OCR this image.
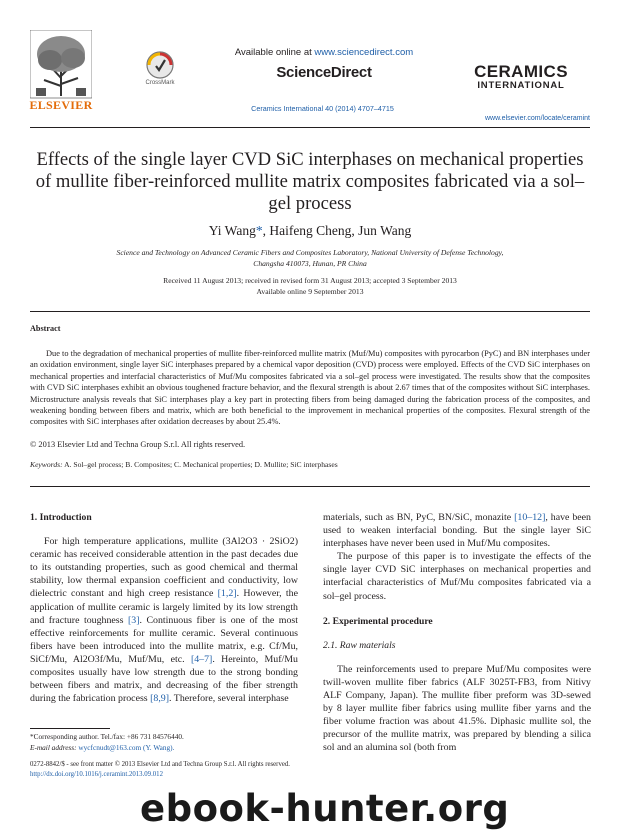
ELSEVIER
CrossMark
Available online at www.sciencedirect.com
ScienceDirect
Ceramics International 40 (2014) 4707–4715
CERAMICS
INTERNATIONAL
www.elsevier.com/locate/ceramint
Effects of the single layer CVD SiC interphases on mechanical properties of mullite fiber-reinforced mullite matrix composites fabricated via a sol–gel process
Yi Wang*, Haifeng Cheng, Jun Wang
Science and Technology on Advanced Ceramic Fibers and Composites Laboratory, National University of Defense Technology,
Changsha 410073, Hunan, PR China
Received 11 August 2013; received in revised form 31 August 2013; accepted 3 September 2013
Available online 9 September 2013
Abstract
Due to the degradation of mechanical properties of mullite fiber-reinforced mullite matrix (Muf/Mu) composites with pyrocarbon (PyC) and BN interphases under an oxidation environment, single layer SiC interphases prepared by a chemical vapor deposition (CVD) process were employed. Effects of the CVD SiC interphases on mechanical properties and interfacial characteristics of Muf/Mu composites fabricated via a sol–gel process were investigated. The results show that the composites with CVD SiC interphases exhibit an obvious toughened fracture behavior, and the flexural strength is about 2.67 times that of the composites without SiC interphases. Microstructure analysis reveals that SiC interphases play a key part in protecting fibers from being damaged during the fabrication process of the composites, and weakening bonding between fibers and matrix, which are both beneficial to the improvement in mechanical properties of the composites. Flexural strength of the composites with SiC interphases after oxidation decreases by about 25.4%.
© 2013 Elsevier Ltd and Techna Group S.r.l. All rights reserved.
Keywords: A. Sol–gel process; B. Composites; C. Mechanical properties; D. Mullite; SiC interphases
1. Introduction

For high temperature applications, mullite (3Al2O3 · 2SiO2) ceramic has received considerable attention in the past decades due to its outstanding properties, such as good chemical and thermal stability, low thermal expansion coefficient and conductivity, low dielectric constant and high creep resistance [1,2]. However, the application of mullite ceramic is largely limited by its low strength and fracture toughness [3]. Continuous fiber is one of the most effective reinforcements for mullite ceramic. Several continuous fibers have been introduced into the mullite matrix, e.g. Cf/Mu, SiCf/Mu, Al2O3f/Mu, Muf/Mu, etc. [4–7]. Hereinto, Muf/Mu composites usually have low strength due to the strong bonding between fibers and matrix, and decreasing of the fiber strength during the fabrication process [8,9]. Therefore, several interphase

materials, such as BN, PyC, BN/SiC, monazite [10–12], have been used to weaken interfacial bonding. But the single layer SiC interphases have never been used in Muf/Mu composites.

The purpose of this paper is to investigate the effects of the single layer CVD SiC interphases on mechanical properties and interfacial characteristics of Muf/Mu composites fabricated via a sol–gel process.

2. Experimental procedure
2.1. Raw materials

The reinforcements used to prepare Muf/Mu composites were twill-woven mullite fiber fabrics (ALF 3025T-FB3, from Nitivy ALF Company, Japan). The mullite fiber preform was 3D-sewed by 8 layer mullite fiber fabrics using mullite fiber yarns and the fiber volume fraction was about 41.5%. Diphasic mullite sol, the precursor of the mullite matrix, was prepared by blending a silica sol and an alumina sol (both from

*Corresponding author. Tel./fax: +86 731 84576440.
E-mail address: wycfcnudt@163.com (Y. Wang).
0272-8842/$ - see front matter © 2013 Elsevier Ltd and Techna Group S.r.l. All rights reserved.
http://dx.doi.org/10.1016/j.ceramint.2013.09.012
ebook-hunter.org
